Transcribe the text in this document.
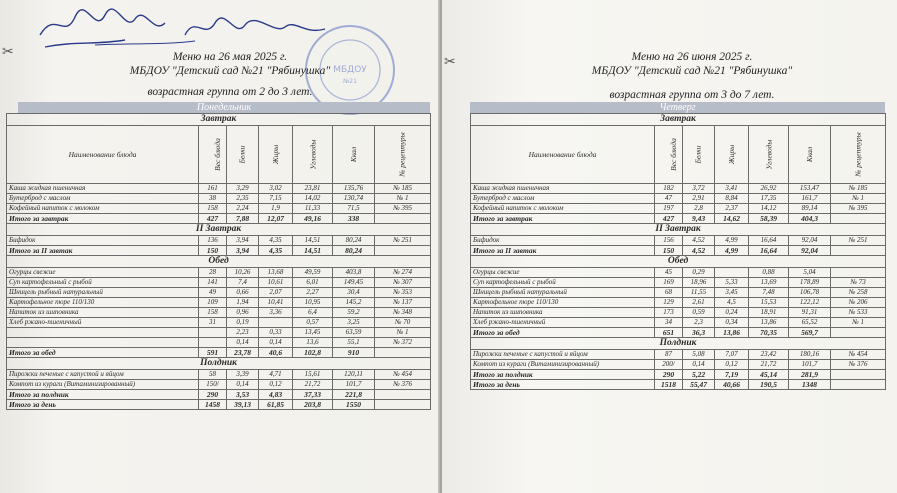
✂
МБДОУ
№21
Меню на 26 мая 2025 г.
МБДОУ "Детский сад №21 "Рябинушка"
возрастная группа от 2 до 3 лет.
Понедельник
Завтрак						
Наименование блюда	Вес блюда	Белки	Жиры	Углеводы	Ккал	№ рецептуры
Каша жидкая пшеничная	161	3,29	3,02	23,81	135,76	№ 185
Бутерброд с маслом	38	2,35	7,15	14,02	130,74	№ 1
Кофейный напиток с молоком	158	2,24	1,9	11,33	71,5	№ 395
Итого за завтрак	427	7,88	12,07	49,16	338	
II Завтрак						
Бифидок	136	3,94	4,35	14,51	80,24	№ 251
Итого за II завтак	150	3,94	4,35	14,51	80,24	
Обед						
Огурцы свежие	28	10,26	13,68	49,59	403,8	№ 274
Суп картофельный с рыбой	141	7,4	10,61	6,01	149,45	№ 307
Шницель рыбный натуральный	49	0,66	2,07	2,27	30,4	№ 353
Картофельное пюре 110/130	109	1,94	10,41	10,95	145,2	№ 137
Напиток из шиповника	158	0,96	3,36	6,4	59,2	№ 348
Хлеб ржано-пшеничный	31	0,19		0,57	3,25	№ 70
		2,23	0,33	13,45	63,59	№ 1
		0,14	0,14	13,6	55,1	№ 372
Итого за обед	591	23,78	40,6	102,8	910	
Полдник						
Пирожки печеные с капустой и яйцом	58	3,39	4,71	15,61	120,11	№ 454
Компот из кураги (Витаминизированный)	150/	0,14	0,12	21,72	101,7	№ 376
Итого за полдник	290	3,53	4,83	37,33	221,8	
Итого за день	1458	39,13	61,85	203,8	1550	
✂	Меню на 26 июня 2025 г.
МБДОУ "Детский сад №21 "Рябинушка"
возрастная группа от 3 до 7 лет.
Четверг
Завтрак						
Наименование блюда	Вес блюда	Белки	Жиры	Углеводы	Ккал	№ рецептуры
Каша жидкая пшеничная	182	3,72	3,41	26,92	153,47	№ 185
Бутерброд с маслом	47	2,91	8,84	17,35	161,7	№ 1
Кофейный напиток с молоком	197	2,8	2,37	14,12	89,14	№ 395
Итого за завтрак	427	9,43	14,62	58,39	404,3	
II Завтрак						
Бифидок	156	4,52	4,99	16,64	92,04	№ 251
Итого за II завтак	150	4,52	4,99	16,64	92,04	
Обед						
Огурцы свежие	45	0,29		0,88	5,04	
Суп картофельный с рыбой	169	18,96	5,33	13,69	178,89	№ 73
Шницель рыбный натуральный	68	11,55	3,45	7,48	106,78	№ 258
Картофельное пюре 110/130	129	2,61	4,5	15,53	122,12	№ 206
Напиток из шиповника	173	0,59	0,24	18,91	91,31	№ 533
Хлеб ржано-пшеничный	34	2,3	0,34	13,86	65,52	№ 1
Итого за обед	651	36,3	13,86	70,35	569,7	
Полдник						
Пирожки печеные с капустой и яйцом	87	5,08	7,07	23,42	180,16	№ 454
Компот из кураги (Витаминизированный)	200/	0,14	0,12	21,72	101,7	№ 376
Итого за полдник	290	5,22	7,19	45,14	281,9	
Итого за день	1518	55,47	40,66	190,5	1348	
